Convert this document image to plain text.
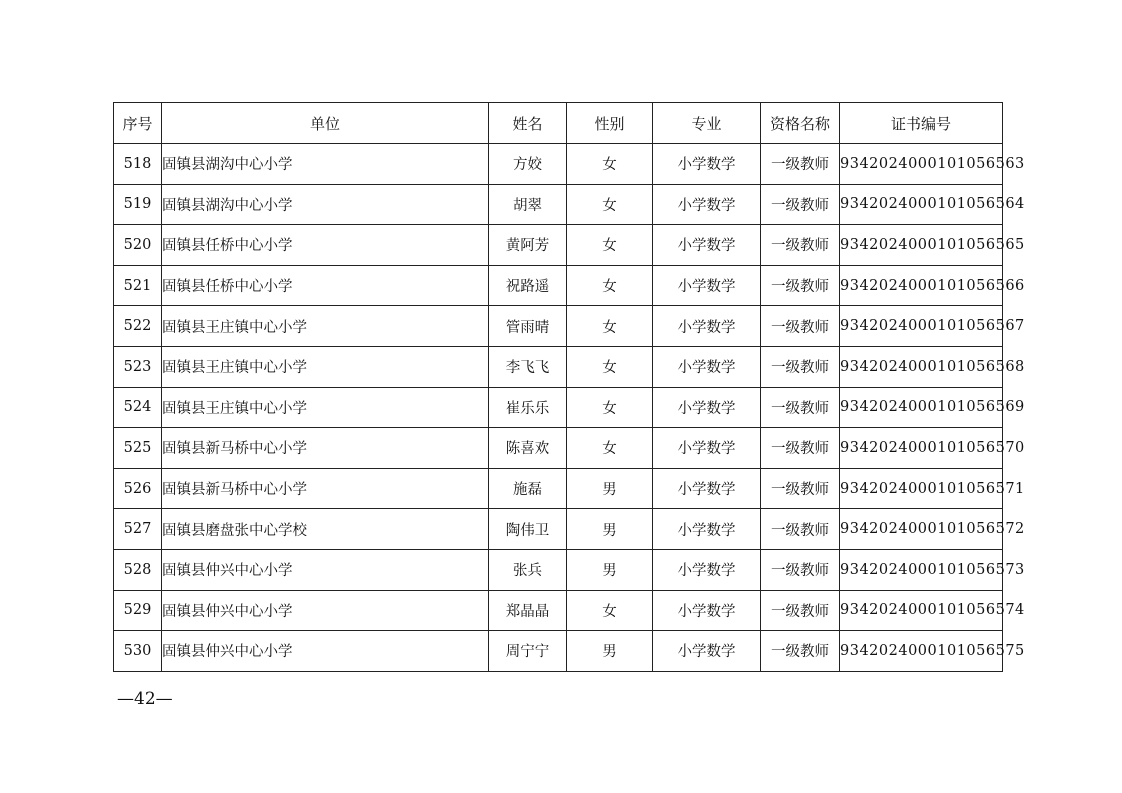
序号	单位	姓名	性别	专业	资格名称	证书编号
518	固镇县湖沟中心小学	方姣	女	小学数学	一级教师	9342024000101056563
519	固镇县湖沟中心小学	胡翠	女	小学数学	一级教师	9342024000101056564
520	固镇县任桥中心小学	黄阿芳	女	小学数学	一级教师	9342024000101056565
521	固镇县任桥中心小学	祝路遥	女	小学数学	一级教师	9342024000101056566
522	固镇县王庄镇中心小学	管雨晴	女	小学数学	一级教师	9342024000101056567
523	固镇县王庄镇中心小学	李飞飞	女	小学数学	一级教师	9342024000101056568
524	固镇县王庄镇中心小学	崔乐乐	女	小学数学	一级教师	9342024000101056569
525	固镇县新马桥中心小学	陈喜欢	女	小学数学	一级教师	9342024000101056570
526	固镇县新马桥中心小学	施磊	男	小学数学	一级教师	9342024000101056571
527	固镇县磨盘张中心学校	陶伟卫	男	小学数学	一级教师	9342024000101056572
528	固镇县仲兴中心小学	张兵	男	小学数学	一级教师	9342024000101056573
529	固镇县仲兴中心小学	郑晶晶	女	小学数学	一级教师	9342024000101056574
530	固镇县仲兴中心小学	周宁宁	男	小学数学	一级教师	9342024000101056575
—42—
